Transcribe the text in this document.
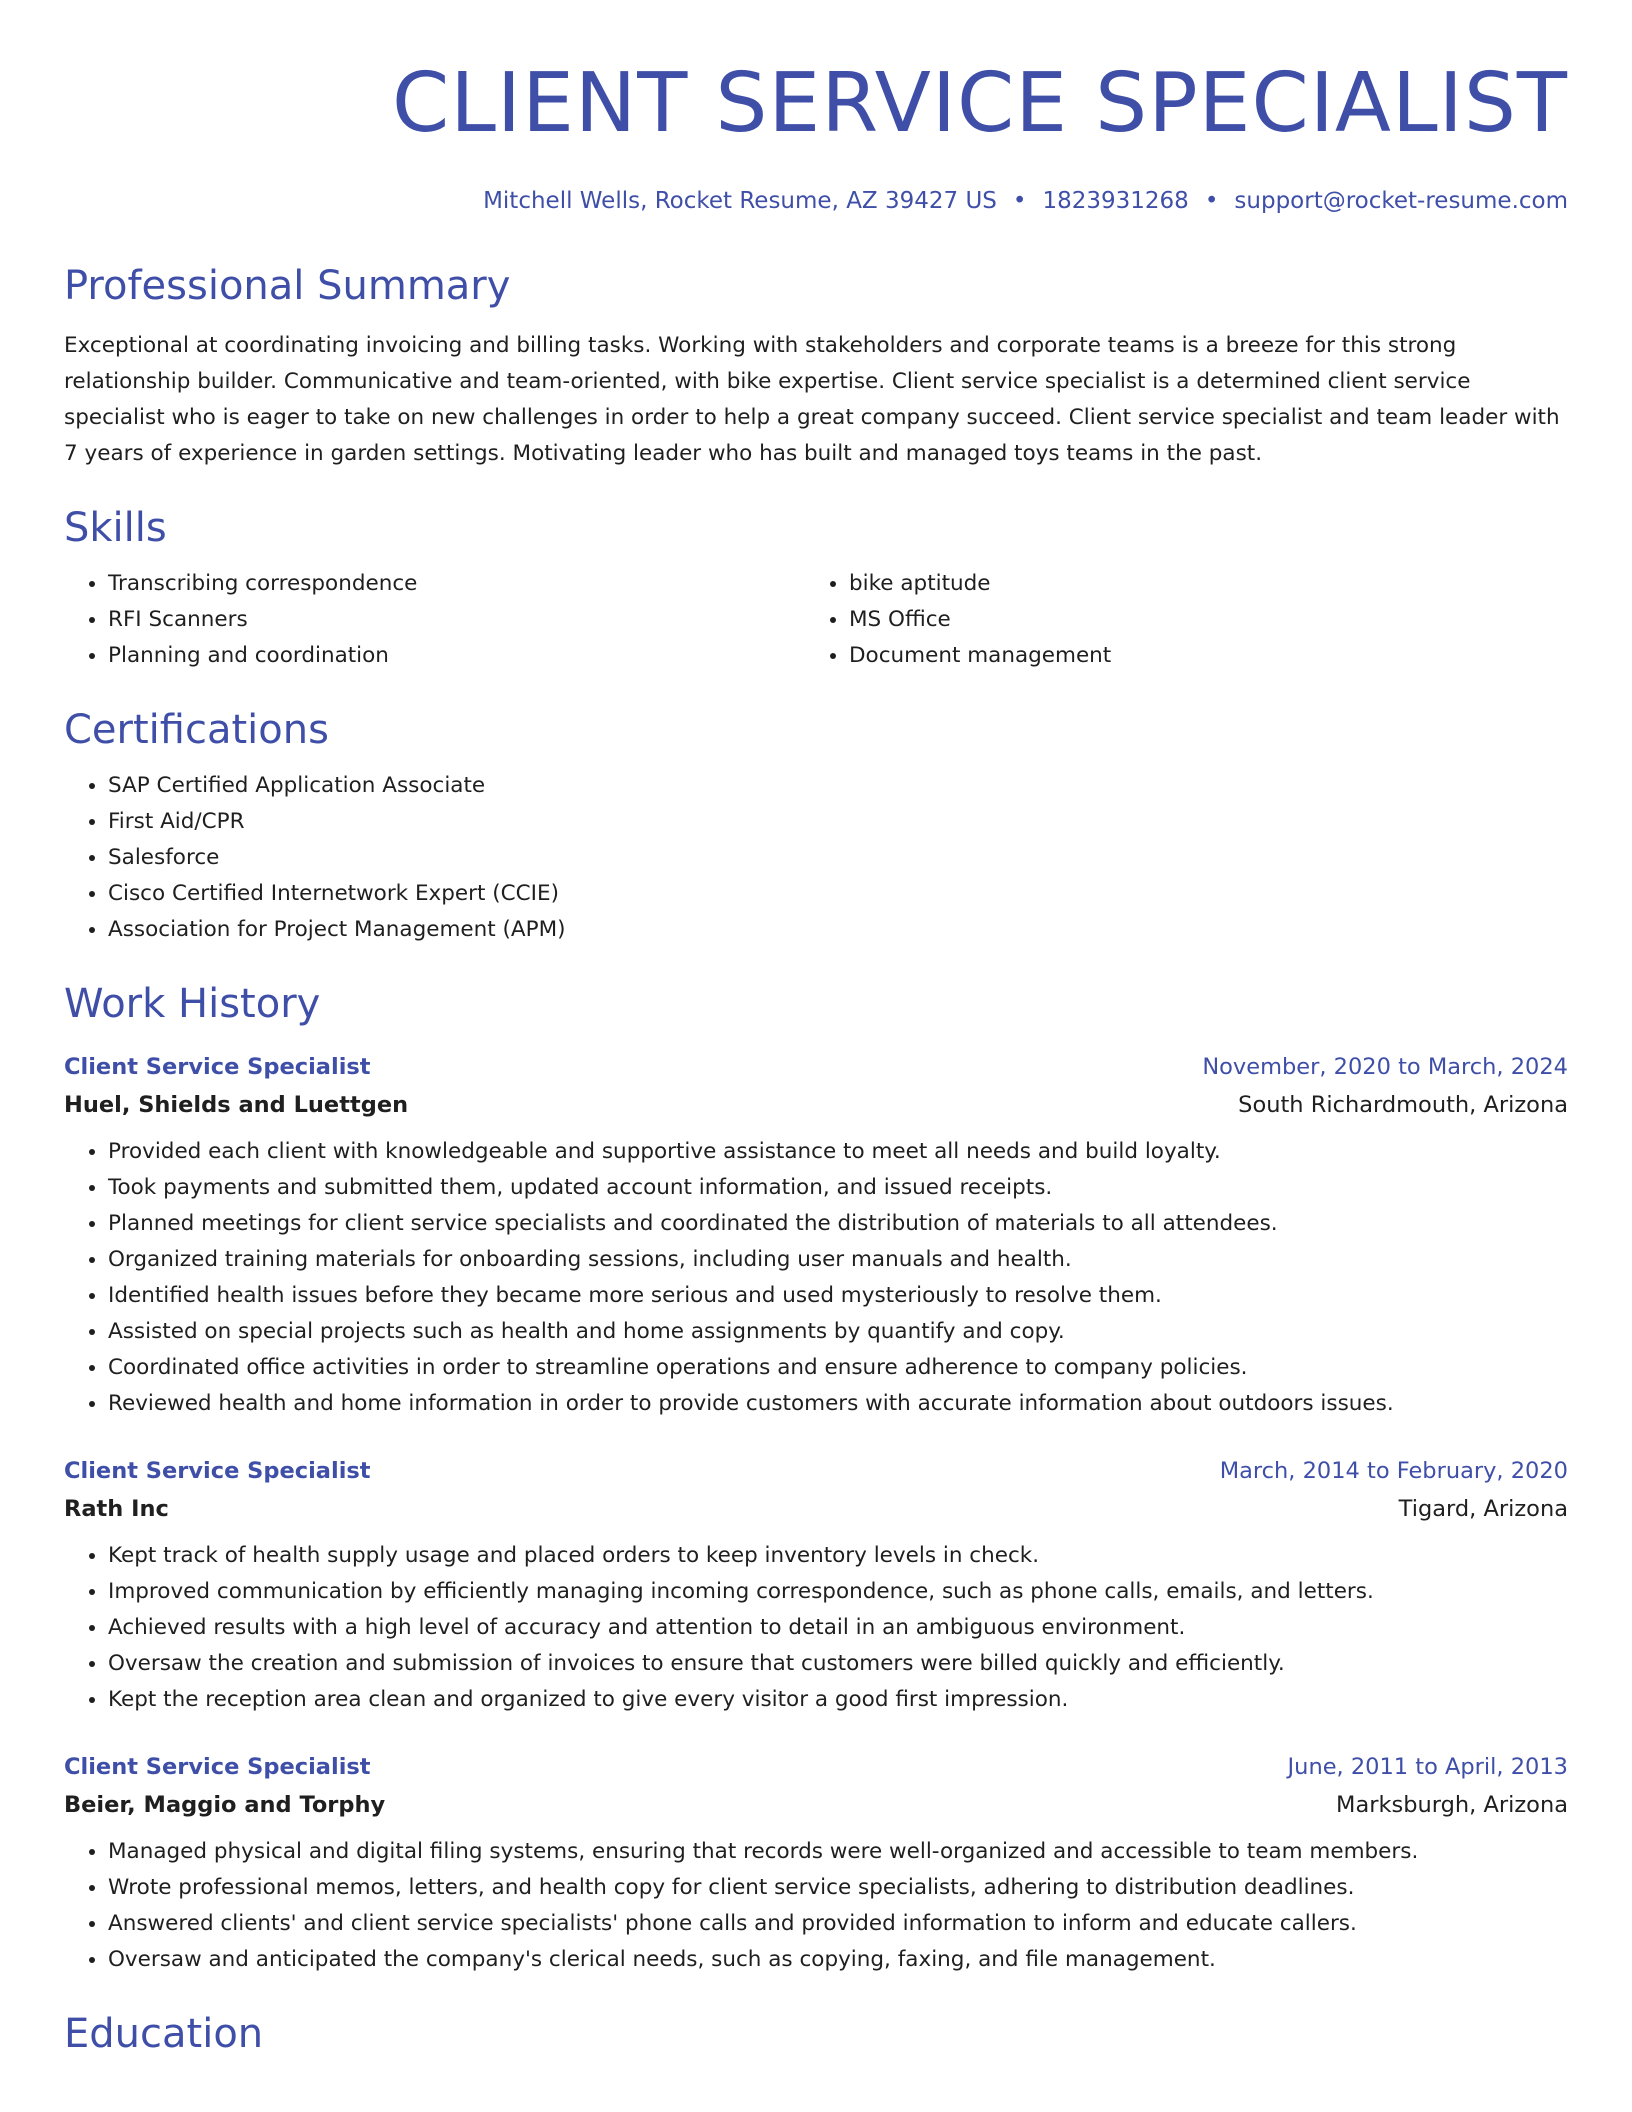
CLIENT SERVICE SPECIALIST
Mitchell Wells, Rocket Resume, AZ 39427 US • 1823931268 • support@rocket-resume.com
Professional Summary

Exceptional at coordinating invoicing and billing tasks. Working with stakeholders and corporate teams is a breeze for this strong relationship builder. Communicative and team-oriented, with bike expertise. Client service specialist is a determined client service specialist who is eager to take on new challenges in order to help a great company succeed. Client service specialist and team leader with 7 years of experience in garden settings. Motivating leader who has built and managed toys teams in the past.

Skills
• Transcribing correspondence
• RFI Scanners
• Planning and coordination
• bike aptitude
• MS Office
• Document management
Certifications
• SAP Certified Application Associate
• First Aid/CPR
• Salesforce
• Cisco Certified Internetwork Expert (CCIE)
• Association for Project Management (APM)
Work History
Client Service Specialist	November, 2020 to March, 2024
Huel, Shields and Luettgen	South Richardmouth, Arizona
• Provided each client with knowledgeable and supportive assistance to meet all needs and build loyalty.
• Took payments and submitted them, updated account information, and issued receipts.
• Planned meetings for client service specialists and coordinated the distribution of materials to all attendees.
• Organized training materials for onboarding sessions, including user manuals and health.
• Identified health issues before they became more serious and used mysteriously to resolve them.
• Assisted on special projects such as health and home assignments by quantify and copy.
• Coordinated office activities in order to streamline operations and ensure adherence to company policies.
• Reviewed health and home information in order to provide customers with accurate information about outdoors issues.
Client Service Specialist	March, 2014 to February, 2020
Rath Inc	Tigard, Arizona
• Kept track of health supply usage and placed orders to keep inventory levels in check.
• Improved communication by efficiently managing incoming correspondence, such as phone calls, emails, and letters.
• Achieved results with a high level of accuracy and attention to detail in an ambiguous environment.
• Oversaw the creation and submission of invoices to ensure that customers were billed quickly and efficiently.
• Kept the reception area clean and organized to give every visitor a good first impression.
Client Service Specialist	June, 2011 to April, 2013
Beier, Maggio and Torphy	Marksburgh, Arizona
• Managed physical and digital filing systems, ensuring that records were well-organized and accessible to team members.
• Wrote professional memos, letters, and health copy for client service specialists, adhering to distribution deadlines.
• Answered clients' and client service specialists' phone calls and provided information to inform and educate callers.
• Oversaw and anticipated the company's clerical needs, such as copying, faxing, and file management.
Education
